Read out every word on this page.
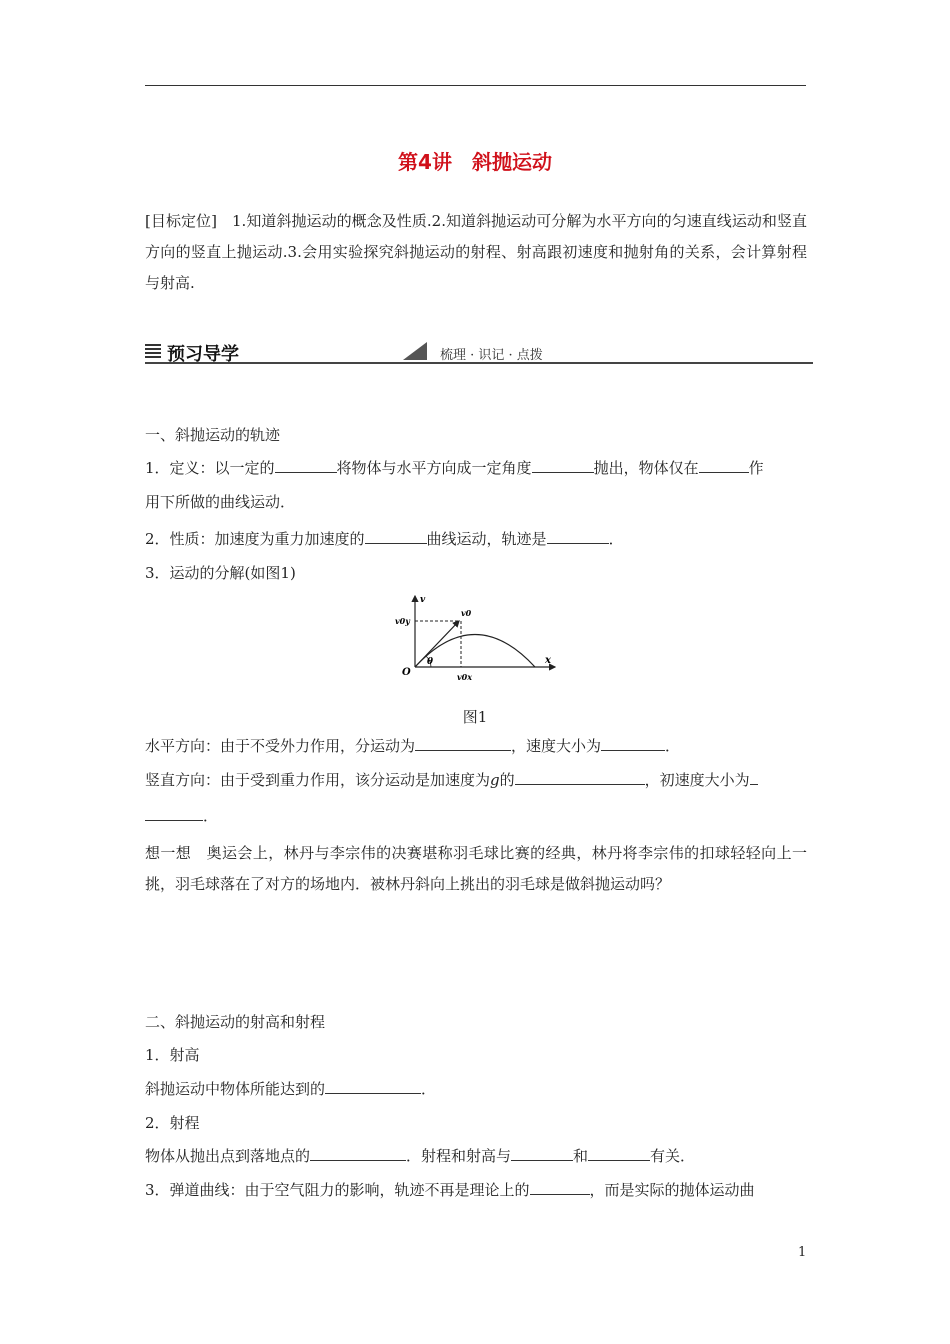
第4讲　斜抛运动
[目标定位]　1.知道斜抛运动的概念及性质.2.知道斜抛运动可分解为水平方向的匀速直线运动和竖直方向的竖直上抛运动.3.会用实验探究斜抛运动的射程、射高跟初速度和抛射角的关系，会计算射程与射高.
预习导学	梳理 · 识记 · 点拨
一、斜抛运动的轨迹
1．定义：以一定的	将物体与水平方向成一定角度	抛出，物体仅在	作
用下所做的曲线运动．
2．性质：加速度为重力加速度的	曲线运动，轨迹是	．
3．运动的分解(如图1)
v
v0y
v0
O
θ	x
v0x
图1
水平方向：由于不受外力作用，分运动为	，速度大小为	．
竖直方向：由于受到重力作用，该分运动是加速度为g的	，初速度大小为
．
想一想　奥运会上，林丹与李宗伟的决赛堪称羽毛球比赛的经典，林丹将李宗伟的扣球轻轻向上一挑，羽毛球落在了对方的场地内．被林丹斜向上挑出的羽毛球是做斜抛运动吗？
二、斜抛运动的射高和射程
1．射高
斜抛运动中物体所能达到的	．
2．射程
物体从抛出点到落地点的	．射程和射高与	和	有关．
3．弹道曲线：由于空气阻力的影响，轨迹不再是理论上的	，而是实际的抛体运动曲
1
